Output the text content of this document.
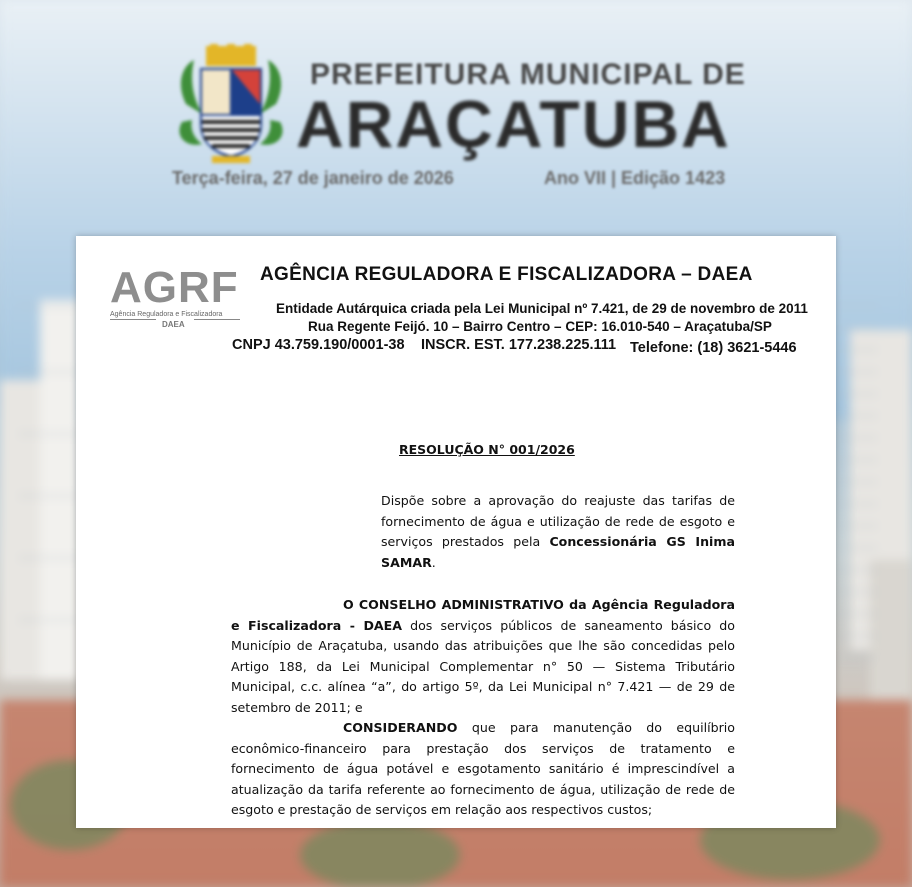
PREFEITURA MUNICIPAL DE
ARAÇATUBA
Terça-feira, 27 de janeiro de 2026	Ano VII | Edição 1423
AGRF
Agência Reguladora e Fiscalizadora
DAEA
AGÊNCIA REGULADORA E FISCALIZADORA – DAEA
Entidade Autárquica criada pela Lei Municipal nº 7.421, de 29 de novembro de 2011
Rua Regente Feijó. 10 – Bairro Centro – CEP: 16.010-540 – Araçatuba/SP
CNPJ 43.759.190/0001-38 INSCR. EST. 177.238.225.111 Telefone: (18) 3621-5446
RESOLUÇÃO N° 001/2026
Dispõe sobre a aprovação do reajuste das tarifas de fornecimento de água e utilização de rede de esgoto e serviços prestados pela Concessionária GS Inima SAMAR.
O CONSELHO ADMINISTRATIVO da Agência Reguladora e Fiscalizadora - DAEA dos serviços públicos de saneamento básico do Município de Araçatuba, usando das atribuições que lhe são concedidas pelo Artigo 188, da Lei Municipal Complementar n° 50 — Sistema Tributário Municipal, c.c. alínea “a”, do artigo 5º, da Lei Municipal n° 7.421 — de 29 de setembro de 2011; e
CONSIDERANDO que para manutenção do equilíbrio econômico-financeiro para prestação dos serviços de tratamento e fornecimento de água potável e esgotamento sanitário é imprescindível a atualização da tarifa referente ao fornecimento de água, utilização de rede de esgoto e prestação de serviços em relação aos respectivos custos;
